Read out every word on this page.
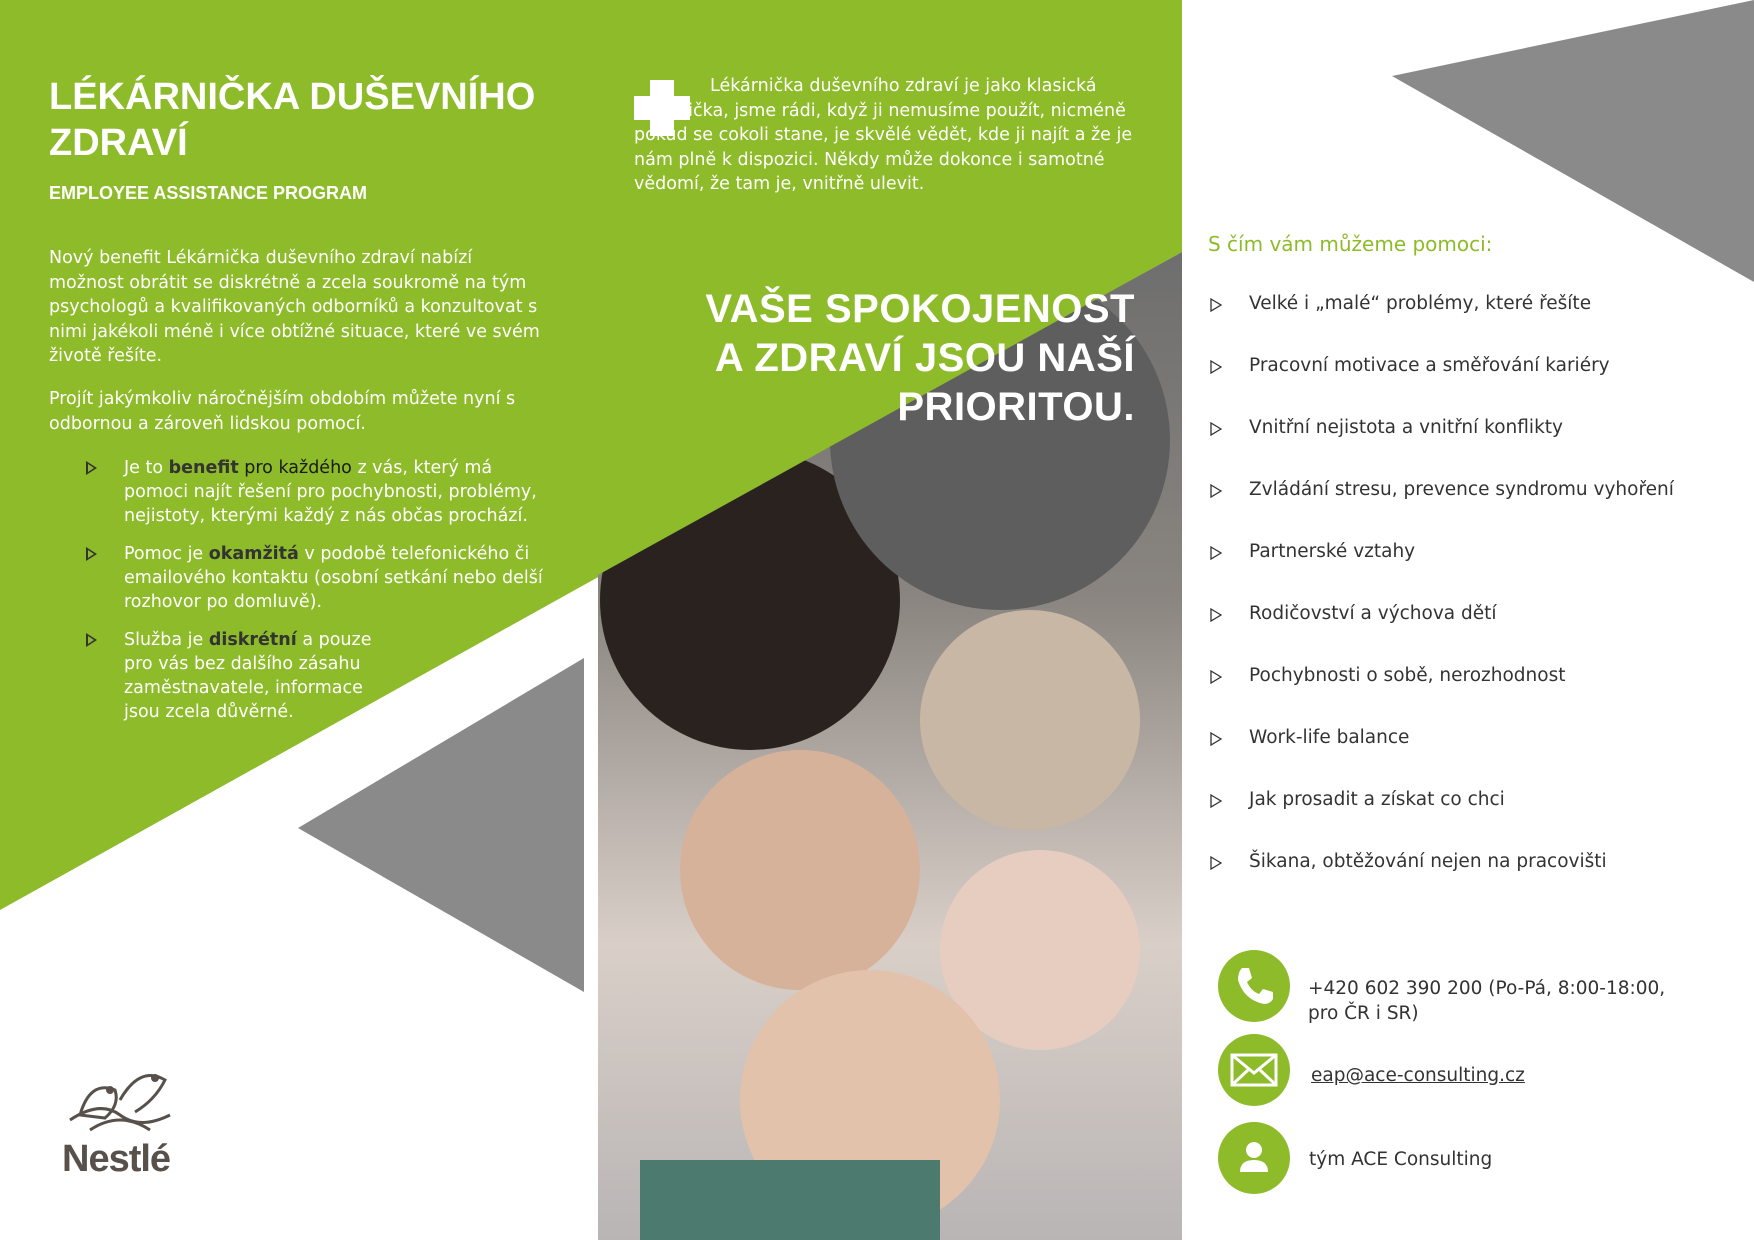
LÉKÁRNIČKA DUŠEVNÍHO
ZDRAVÍ
EMPLOYEE ASSISTANCE PROGRAM

Nový benefit Lékárnička duševního zdraví nabízí možnost obrátit se diskrétně a zcela soukromě na tým psychologů a kvalifikovaných odborníků a konzultovat s nimi jakékoli méně i více obtížné situace, které ve svém životě řešíte.

Projít jakýmkoliv náročnějším obdobím můžete nyní s odbornou a zároveň lidskou pomocí.

Je to benefit pro každého z vás, který má pomoci najít řešení pro pochybnosti, problémy, nejistoty, kterými každý z nás občas prochází.
Pomoc je okamžitá v podobě telefonického či emailového kontaktu (osobní setkání nebo delší rozhovor po domluvě).
Služba je diskrétní a pouze pro vás bez dalšího zásahu zaměstnavatele, informace jsou zcela důvěrné.
Nestlé

Lékárnička duševního zdraví je jako klasická lékárnička, jsme rádi, když ji nemusíme použít, nicméně pokud se cokoli stane, je skvělé vědět, kde ji najít a že je nám plně k dispozici. Někdy může dokonce i samotné vědomí, že tam je, vnitřně ulevit.

VAŠE SPOKOJENOST
A ZDRAVÍ JSOU NAŠÍ
PRIORITOU.
S čím vám můžeme pomoci:
Velké i „malé“ problémy, které řešíte
Pracovní motivace a směřování kariéry
Vnitřní nejistota a vnitřní konflikty
Zvládání stresu, prevence syndromu vyhoření
Partnerské vztahy
Rodičovství a výchova dětí
Pochybnosti o sobě, nerozhodnost
Work-life balance
Jak prosadit a získat co chci
Šikana, obtěžování nejen na pracovišti
+420 602 390 200 (Po-Pá, 8:00-18:00,
pro ČR i SR)
eap@ace-consulting.cz
tým ACE Consulting
